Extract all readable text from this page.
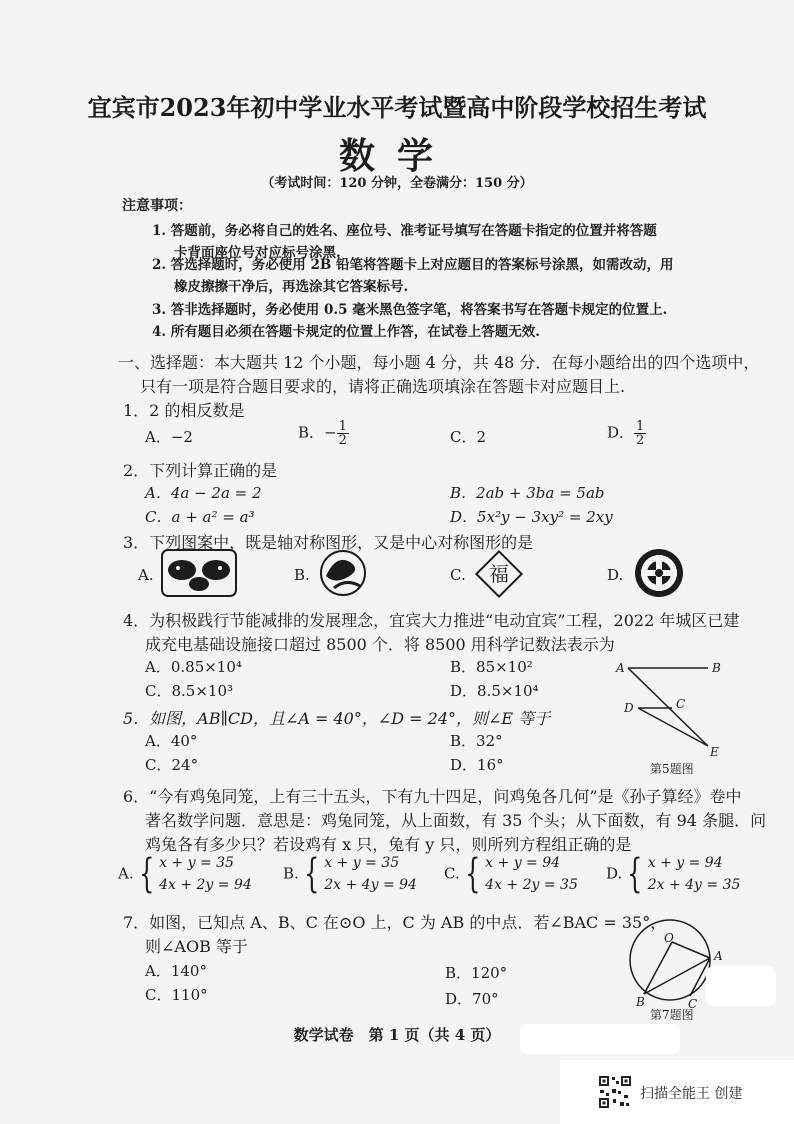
宜宾市2023年初中学业水平考试暨高中阶段学校招生考试
数学
（考试时间：120 分钟，全卷满分：150 分）
注意事项：
1. 答题前，务必将自己的姓名、座位号、准考证号填写在答题卡指定的位置并将答题
卡背面座位号对应标号涂黑.
2. 答选择题时，务必使用 2B 铅笔将答题卡上对应题目的答案标号涂黑，如需改动，用
橡皮擦擦干净后，再选涂其它答案标号.
3. 答非选择题时，务必使用 0.5 毫米黑色签字笔，将答案书写在答题卡规定的位置上.
4. 所有题目必须在答题卡规定的位置上作答，在试卷上答题无效.
一、选择题：本大题共 12 个小题，每小题 4 分，共 48 分．在每小题给出的四个选项中，
只有一项是符合题目要求的，请将正确选项填涂在答题卡对应题目上.
1．2 的相反数是
A．−2	B．− $\frac{1}{2}$	C．2	D． $\frac{1}{2}$
2．下列计算正确的是
A．4a − 2a = 2	B．2ab + 3ba = 5ab
C．a + a² = a³	D．5x²y − 3xy² = 2xy
3．下列图案中，既是轴对称图形，又是中心对称图形的是
A.	B.	C. 福	D.
4．为积极践行节能减排的发展理念，宜宾大力推进“电动宜宾”工程，2022 年城区已建
成充电基础设施接口超过 8500 个．将 8500 用科学记数法表示为
A．0.85×10⁴	B．85×10²
C．8.5×10³	D．8.5×10⁴
A	B
C
D
E
第5题图
5．如图，AB∥CD，且∠A = 40°，∠D = 24°，则∠E 等于
A．40°	B．32°
C．24°	D．16°
6．“今有鸡兔同笼，上有三十五头，下有九十四足，问鸡兔各几何”是《孙子算经》卷中
著名数学问题．意思是：鸡兔同笼，从上面数，有 35 个头；从下面数，有 94 条腿．问
鸡兔各有多少只？若设鸡有 x 只，兔有 y 只，则所列方程组正确的是
A. { x + y = 35
4x + 2y = 94
B. { x + y = 35
2x + 4y = 94
C. { x + y = 94
4x + 2y = 35
D. { x + y = 94
2x + 4y = 35
7．如图，已知点 A、B、C 在⊙O 上，C 为 AB 的中点．若∠BAC = 35°，
则∠AOB 等于
A．140°	B．120°
C．110°	D．70°
O
A
B	C
第7题图
数学试卷　第 1 页（共 4 页）
扫描全能王 创建
